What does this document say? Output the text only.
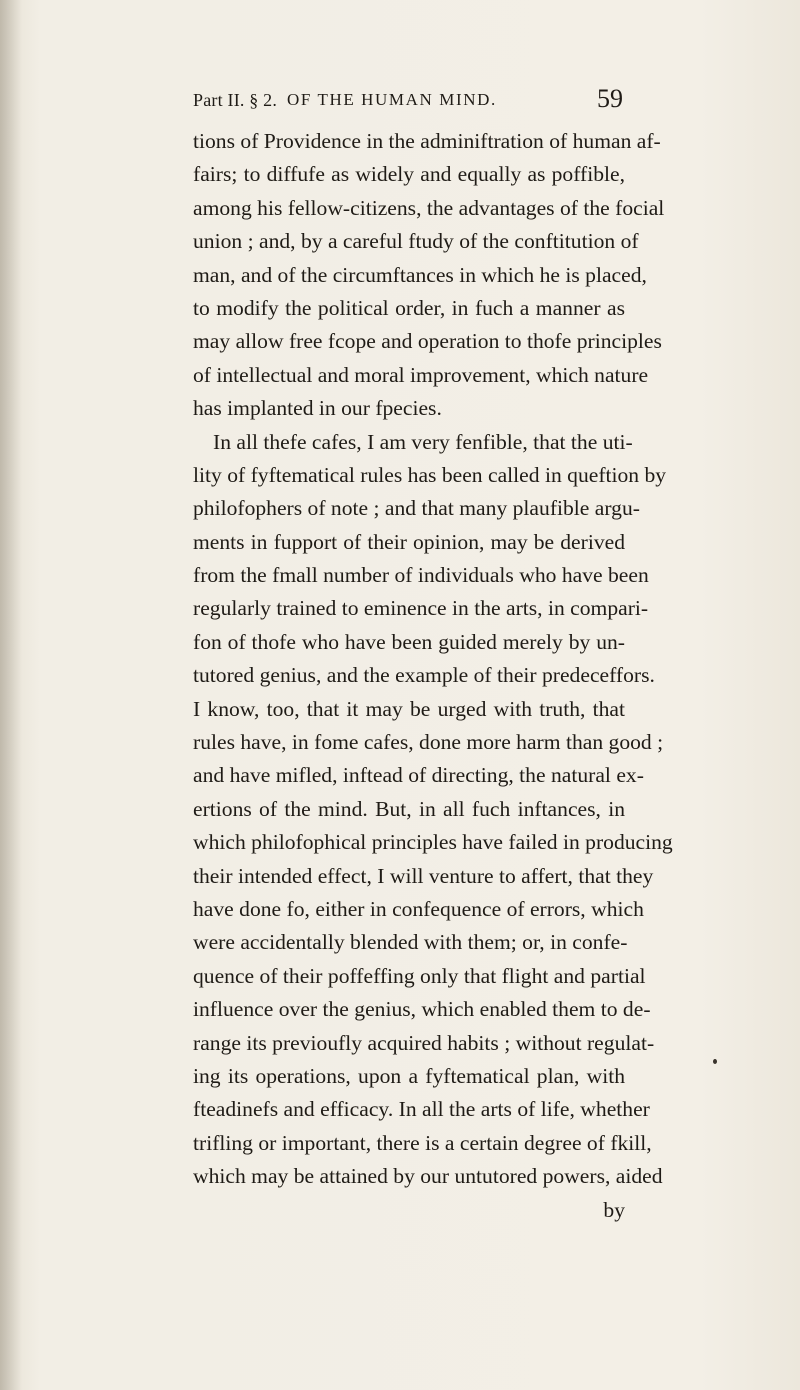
Part II. § 2. OF THE HUMAN MIND.	59
tions of Providence in the adminiftration of human af-
fairs; to diffufe as widely and equally as poffible,
among his fellow-citizens, the advantages of the focial
union ; and, by a careful ftudy of the conftitution of
man, and of the circumftances in which he is placed,
to modify the political order, in fuch a manner as
may allow free fcope and operation to thofe principles
of intellectual and moral improvement, which nature
has implanted in our fpecies.
In all thefe cafes, I am very fenfible, that the uti-
lity of fyftematical rules has been called in queftion by
philofophers of note ; and that many plaufible argu-
ments in fupport of their opinion, may be derived
from the fmall number of individuals who have been
regularly trained to eminence in the arts, in compari-
fon of thofe who have been guided merely by un-
tutored genius, and the example of their predeceffors.
I know, too, that it may be urged with truth, that
rules have, in fome cafes, done more harm than good ;
and have mifled, inftead of directing, the natural ex-
ertions of the mind. But, in all fuch inftances, in
which philofophical principles have failed in producing
their intended effect, I will venture to affert, that they
have done fo, either in confequence of errors, which
were accidentally blended with them; or, in confe-
quence of their poffeffing only that flight and partial
influence over the genius, which enabled them to de-
range its previoufly acquired habits ; without regulat-
ing its operations, upon a fyftematical plan, with
fteadinefs and efficacy. In all the arts of life, whether
trifling or important, there is a certain degree of fkill,
which may be attained by our untutored powers, aided
by
